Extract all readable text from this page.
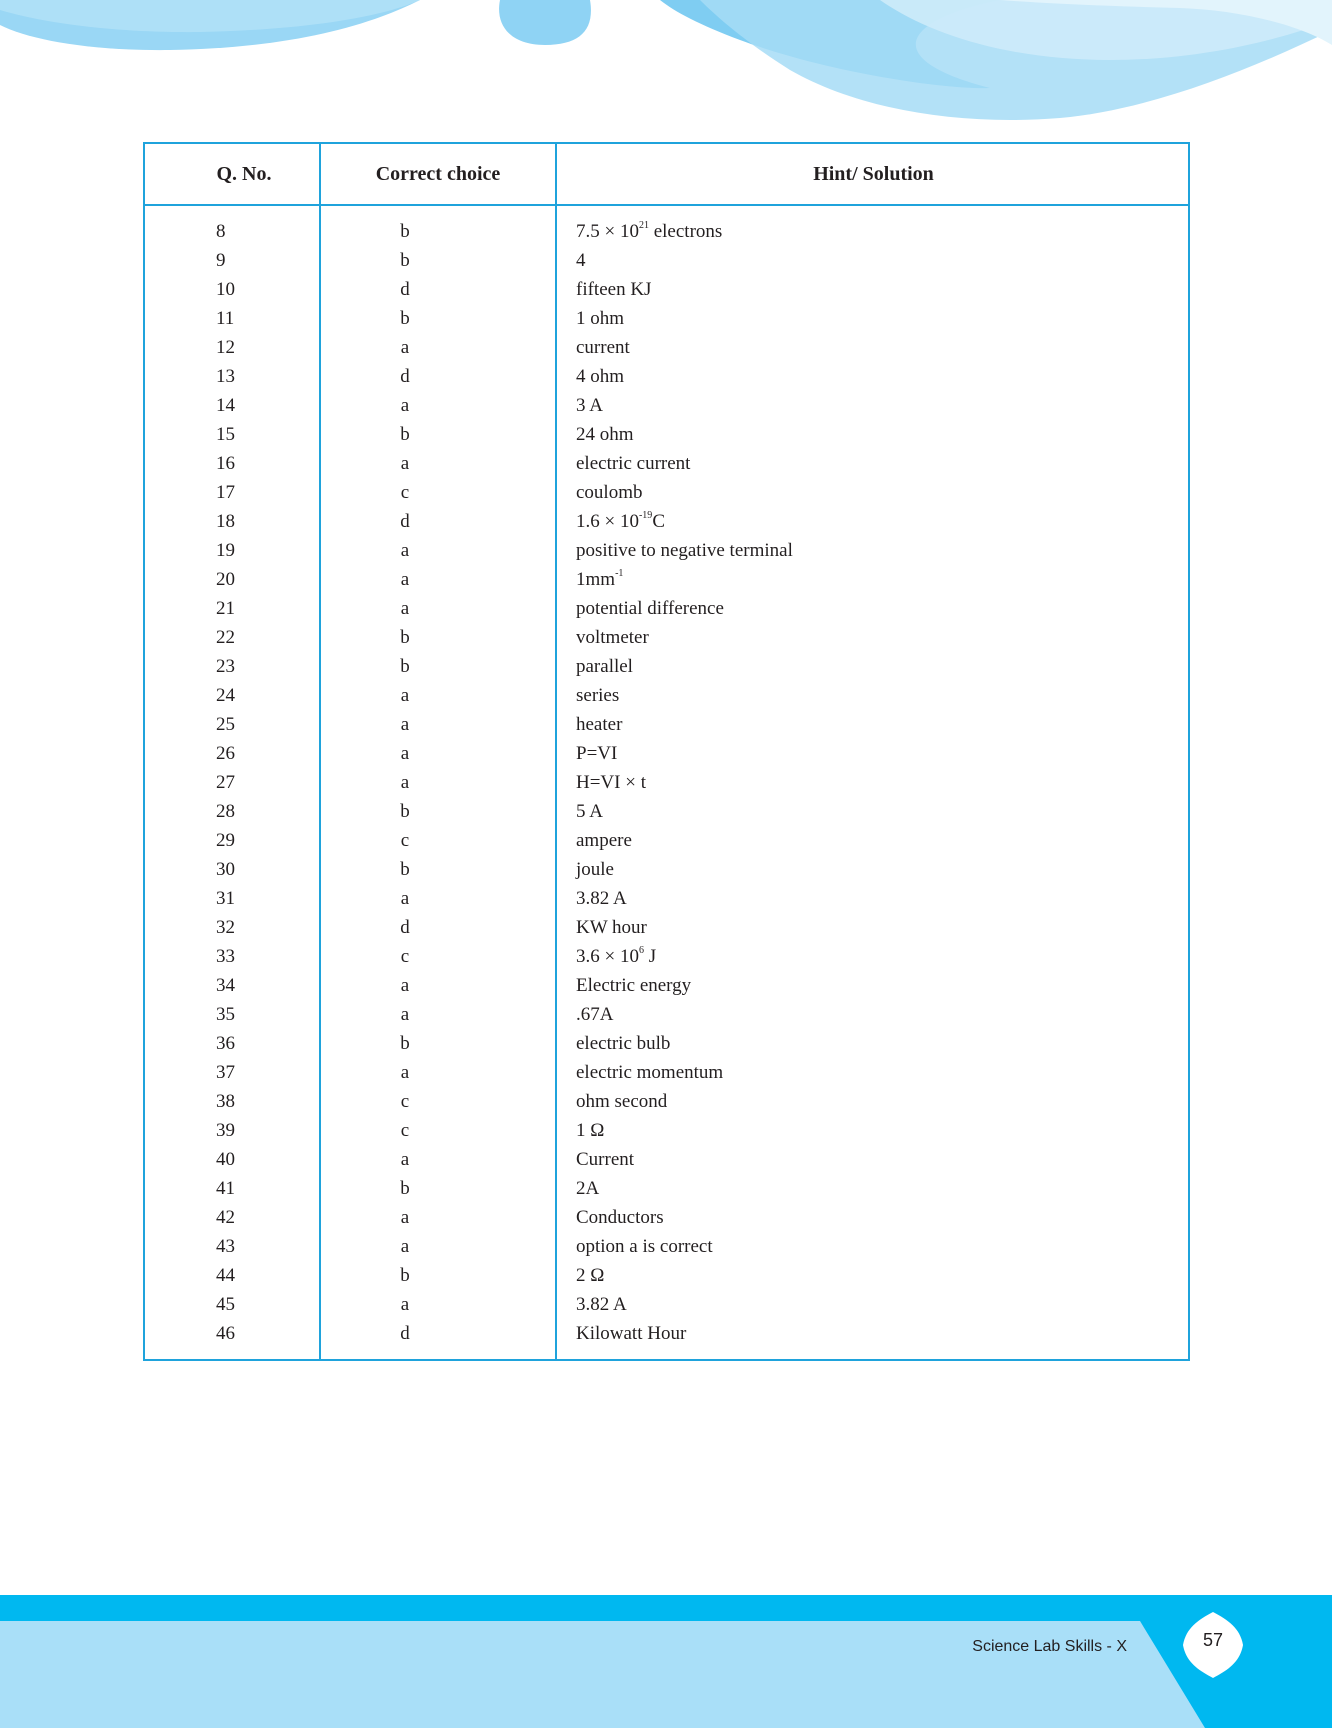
Q. No.	Correct choice	Hint/ Solution
8	b	$7.5 \times 10^{21}$ electrons
9	b	4
10	d	fifteen KJ
11	b	1 ohm
12	a	current
13	d	4 ohm
14	a	3 A
15	b	24 ohm
16	a	electric current
17	c	coulomb
18	d	$1.6 \times 10^{-19}C$
19	a	positive to negative terminal
20	a	$1mm^{-1}$
21	a	potential difference
22	b	voltmeter
23	b	parallel
24	a	series
25	a	heater
26	a	P=VI
27	a	H=VI × t
28	b	5 A
29	c	ampere
30	b	joule
31	a	3.82 A
32	d	KW hour
33	c	$3.6 \times 10^6$ J
34	a	Electric energy
35	a	.67A
36	b	electric bulb
37	a	electric momentum
38	c	ohm second
39	c	1 Ω
40	a	Current
41	b	2A
42	a	Conductors
43	a	option a is correct
44	b	2 Ω
45	a	3.82 A
46	d	Kilowatt Hour
Science Lab Skills - X	57
